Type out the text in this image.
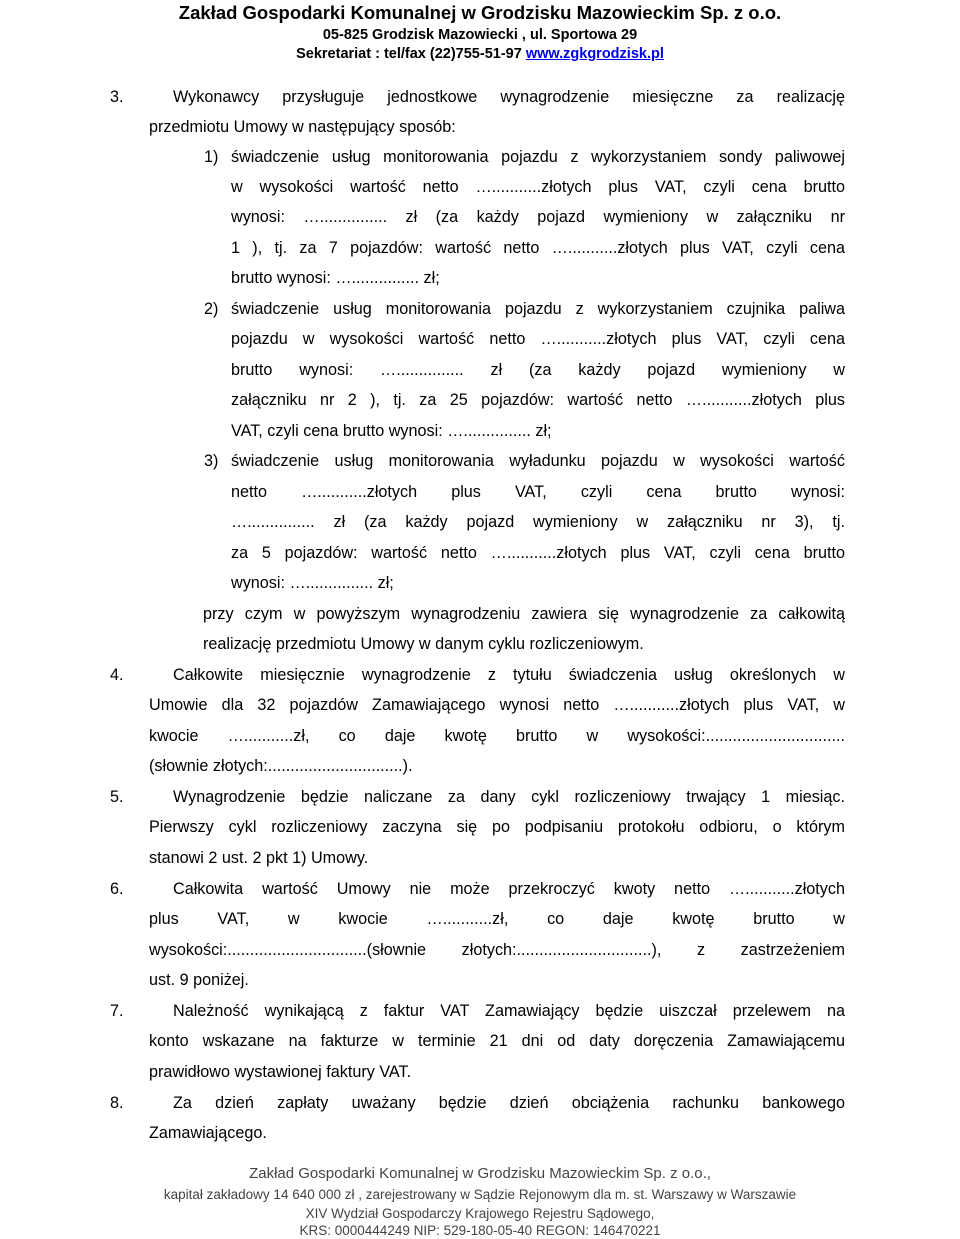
Zakład Gospodarki Komunalnej w Grodzisku Mazowieckim Sp. z o.o.
05-825 Grodzisk Mazowiecki , ul. Sportowa 29
Sekretariat : tel/fax (22)755-51-97 www.zgkgrodzisk.pl
3.	Wykonawcy przysługuje jednostkowe wynagrodzenie miesięczne za realizację
przedmiotu Umowy w następujący sposób:
1) świadczenie usług monitorowania pojazdu z wykorzystaniem sondy paliwowej
w wysokości wartość netto …...........złotych plus VAT, czyli cena brutto
wynosi: …............... zł (za każdy pojazd wymieniony w załączniku nr
1 ), tj. za 7 pojazdów: wartość netto …...........złotych plus VAT, czyli cena
brutto wynosi: …............... zł;
2) świadczenie usług monitorowania pojazdu z wykorzystaniem czujnika paliwa
pojazdu w wysokości wartość netto …...........złotych plus VAT, czyli cena
brutto wynosi: …............... zł (za każdy pojazd wymieniony w
załączniku nr 2 ), tj. za 25 pojazdów: wartość netto …...........złotych plus
VAT, czyli cena brutto wynosi: …............... zł;
3) świadczenie usług monitorowania wyładunku pojazdu w wysokości wartość
netto …...........złotych plus VAT, czyli cena brutto wynosi:
…............... zł (za każdy pojazd wymieniony w załączniku nr 3), tj.
za 5 pojazdów: wartość netto …...........złotych plus VAT, czyli cena brutto
wynosi: …............... zł;
przy czym w powyższym wynagrodzeniu zawiera się wynagrodzenie za całkowitą
realizację przedmiotu Umowy w danym cyklu rozliczeniowym.
4.	Całkowite miesięcznie wynagrodzenie z tytułu świadczenia usług określonych w
Umowie dla 32 pojazdów Zamawiającego wynosi netto …...........złotych plus VAT, w
kwocie …...........zł, co daje kwotę brutto w wysokości:...............................
(słownie złotych:..............................).
5.	Wynagrodzenie będzie naliczane za dany cykl rozliczeniowy trwający 1 miesiąc.
Pierwszy cykl rozliczeniowy zaczyna się po podpisaniu protokołu odbioru, o którym
stanowi 2 ust. 2 pkt 1) Umowy.
6.	Całkowita wartość Umowy nie może przekroczyć kwoty netto …...........złotych
plus VAT, w kwocie …...........zł, co daje kwotę brutto w
wysokości:...............................(słownie złotych:..............................), z zastrzeżeniem
ust. 9 poniżej.
7.	Należność wynikającą z faktur VAT Zamawiający będzie uiszczał przelewem na
konto wskazane na fakturze w terminie 21 dni od daty doręczenia Zamawiającemu
prawidłowo wystawionej faktury VAT.
8.	Za dzień zapłaty uważany będzie dzień obciążenia rachunku bankowego
Zamawiającego.
Zakład Gospodarki Komunalnej w Grodzisku Mazowieckim Sp. z o.o.,
kapitał zakładowy 14 640 000 zł , zarejestrowany w Sądzie Rejonowym dla m. st. Warszawy w Warszawie
XIV Wydział Gospodarczy Krajowego Rejestru Sądowego,
KRS: 0000444249 NIP: 529-180-05-40 REGON: 146470221
